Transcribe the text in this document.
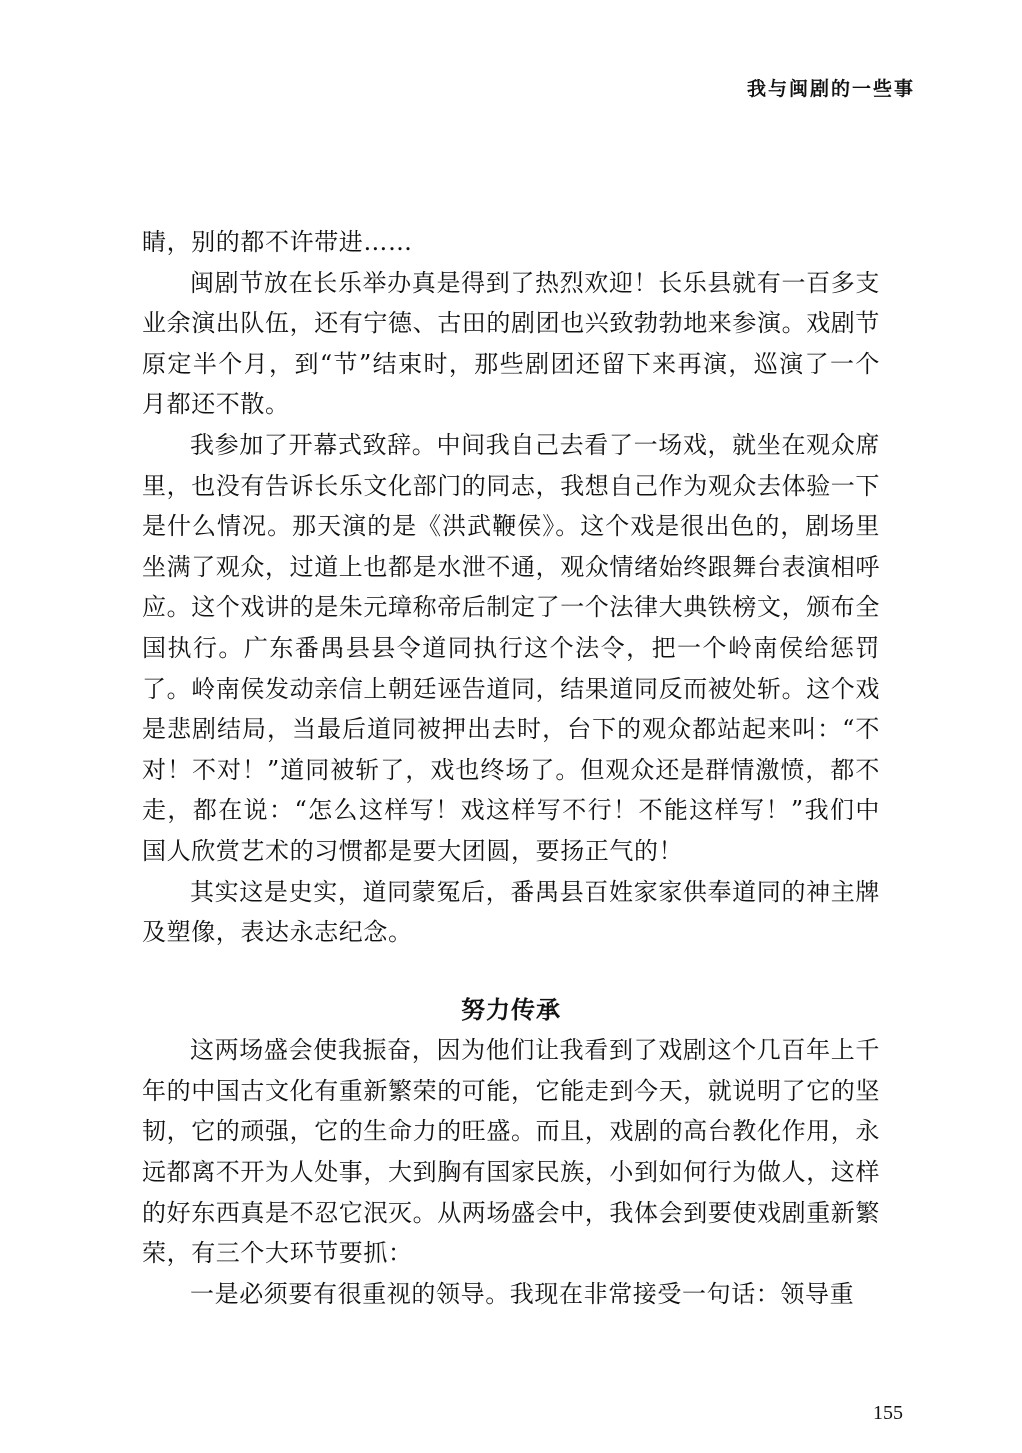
我与闽剧的一些事

睛，别的都不许带进……

闽剧节放在长乐举办真是得到了热烈欢迎！长乐县就有一百多支业余演出队伍，还有宁德、古田的剧团也兴致勃勃地来参演。戏剧节原定半个月，到“节”结束时，那些剧团还留下来再演，巡演了一个月都还不散。

我参加了开幕式致辞。中间我自己去看了一场戏，就坐在观众席里，也没有告诉长乐文化部门的同志，我想自己作为观众去体验一下是什么情况。那天演的是《洪武鞭侯》。这个戏是很出色的，剧场里坐满了观众，过道上也都是水泄不通，观众情绪始终跟舞台表演相呼应。这个戏讲的是朱元璋称帝后制定了一个法律大典铁榜文，颁布全国执行。广东番禺县县令道同执行这个法令，把一个岭南侯给惩罚了。岭南侯发动亲信上朝廷诬告道同，结果道同反而被处斩。这个戏是悲剧结局，当最后道同被押出去时，台下的观众都站起来叫：“不对！不对！”道同被斩了，戏也终场了。但观众还是群情激愤，都不走，都在说：“怎么这样写！戏这样写不行！不能这样写！”我们中国人欣赏艺术的习惯都是要大团圆，要扬正气的！

其实这是史实，道同蒙冤后，番禺县百姓家家供奉道同的神主牌及塑像，表达永志纪念。

努力传承

这两场盛会使我振奋，因为他们让我看到了戏剧这个几百年上千年的中国古文化有重新繁荣的可能，它能走到今天，就说明了它的坚韧，它的顽强，它的生命力的旺盛。而且，戏剧的高台教化作用，永远都离不开为人处事，大到胸有国家民族，小到如何行为做人，这样的好东西真是不忍它泯灭。从两场盛会中，我体会到要使戏剧重新繁荣，有三个大环节要抓：

一是必须要有很重视的领导。我现在非常接受一句话：领导重

155
